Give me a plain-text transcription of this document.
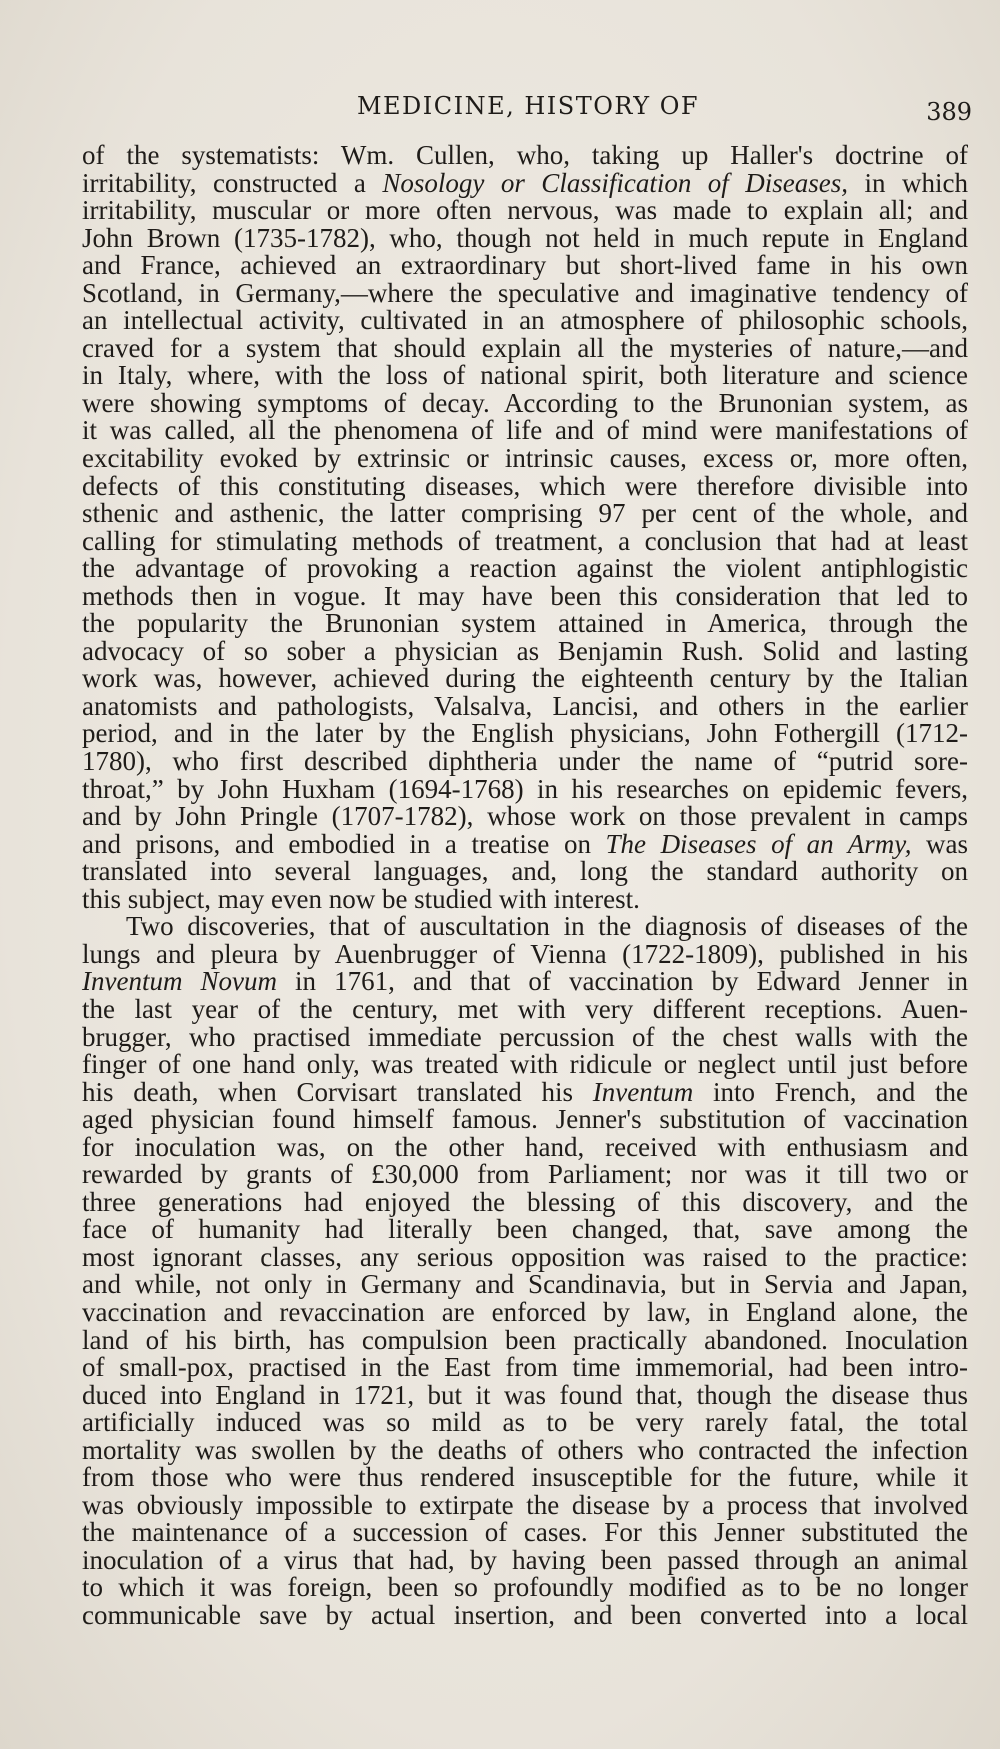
MEDICINE, HISTORY OF	389
of the systematists: Wm. Cullen, who, taking up Haller's doctrine of
irritability, constructed a Nosology or Classification of Diseases, in which
irritability, muscular or more often nervous, was made to explain all; and
John Brown (1735-1782), who, though not held in much repute in England
and France, achieved an extraordinary but short-lived fame in his own
Scotland, in Germany,—where the speculative and imaginative tendency of
an intellectual activity, cultivated in an atmosphere of philosophic schools,
craved for a system that should explain all the mysteries of nature,—and
in Italy, where, with the loss of national spirit, both literature and science
were showing symptoms of decay. According to the Brunonian system, as
it was called, all the phenomena of life and of mind were manifestations of
excitability evoked by extrinsic or intrinsic causes, excess or, more often,
defects of this constituting diseases, which were therefore divisible into
sthenic and asthenic, the latter comprising 97 per cent of the whole, and
calling for stimulating methods of treatment, a conclusion that had at least
the advantage of provoking a reaction against the violent antiphlogistic
methods then in vogue. It may have been this consideration that led to
the popularity the Brunonian system attained in America, through the
advocacy of so sober a physician as Benjamin Rush. Solid and lasting
work was, however, achieved during the eighteenth century by the Italian
anatomists and pathologists, Valsalva, Lancisi, and others in the earlier
period, and in the later by the English physicians, John Fothergill (1712-
1780), who first described diphtheria under the name of “putrid sore-
throat,” by John Huxham (1694-1768) in his researches on epidemic fevers,
and by John Pringle (1707-1782), whose work on those prevalent in camps
and prisons, and embodied in a treatise on The Diseases of an Army, was
translated into several languages, and, long the standard authority on
this subject, may even now be studied with interest.
Two discoveries, that of auscultation in the diagnosis of diseases of the
lungs and pleura by Auenbrugger of Vienna (1722-1809), published in his
Inventum Novum in 1761, and that of vaccination by Edward Jenner in
the last year of the century, met with very different receptions. Auen-
brugger, who practised immediate percussion of the chest walls with the
finger of one hand only, was treated with ridicule or neglect until just before
his death, when Corvisart translated his Inventum into French, and the
aged physician found himself famous. Jenner's substitution of vaccination
for inoculation was, on the other hand, received with enthusiasm and
rewarded by grants of £30,000 from Parliament; nor was it till two or
three generations had enjoyed the blessing of this discovery, and the
face of humanity had literally been changed, that, save among the
most ignorant classes, any serious opposition was raised to the practice:
and while, not only in Germany and Scandinavia, but in Servia and Japan,
vaccination and revaccination are enforced by law, in England alone, the
land of his birth, has compulsion been practically abandoned. Inoculation
of small-pox, practised in the East from time immemorial, had been intro-
duced into England in 1721, but it was found that, though the disease thus
artificially induced was so mild as to be very rarely fatal, the total
mortality was swollen by the deaths of others who contracted the infection
from those who were thus rendered insusceptible for the future, while it
was obviously impossible to extirpate the disease by a process that involved
the maintenance of a succession of cases. For this Jenner substituted the
inoculation of a virus that had, by having been passed through an animal
to which it was foreign, been so profoundly modified as to be no longer
communicable save by actual insertion, and been converted into a local
